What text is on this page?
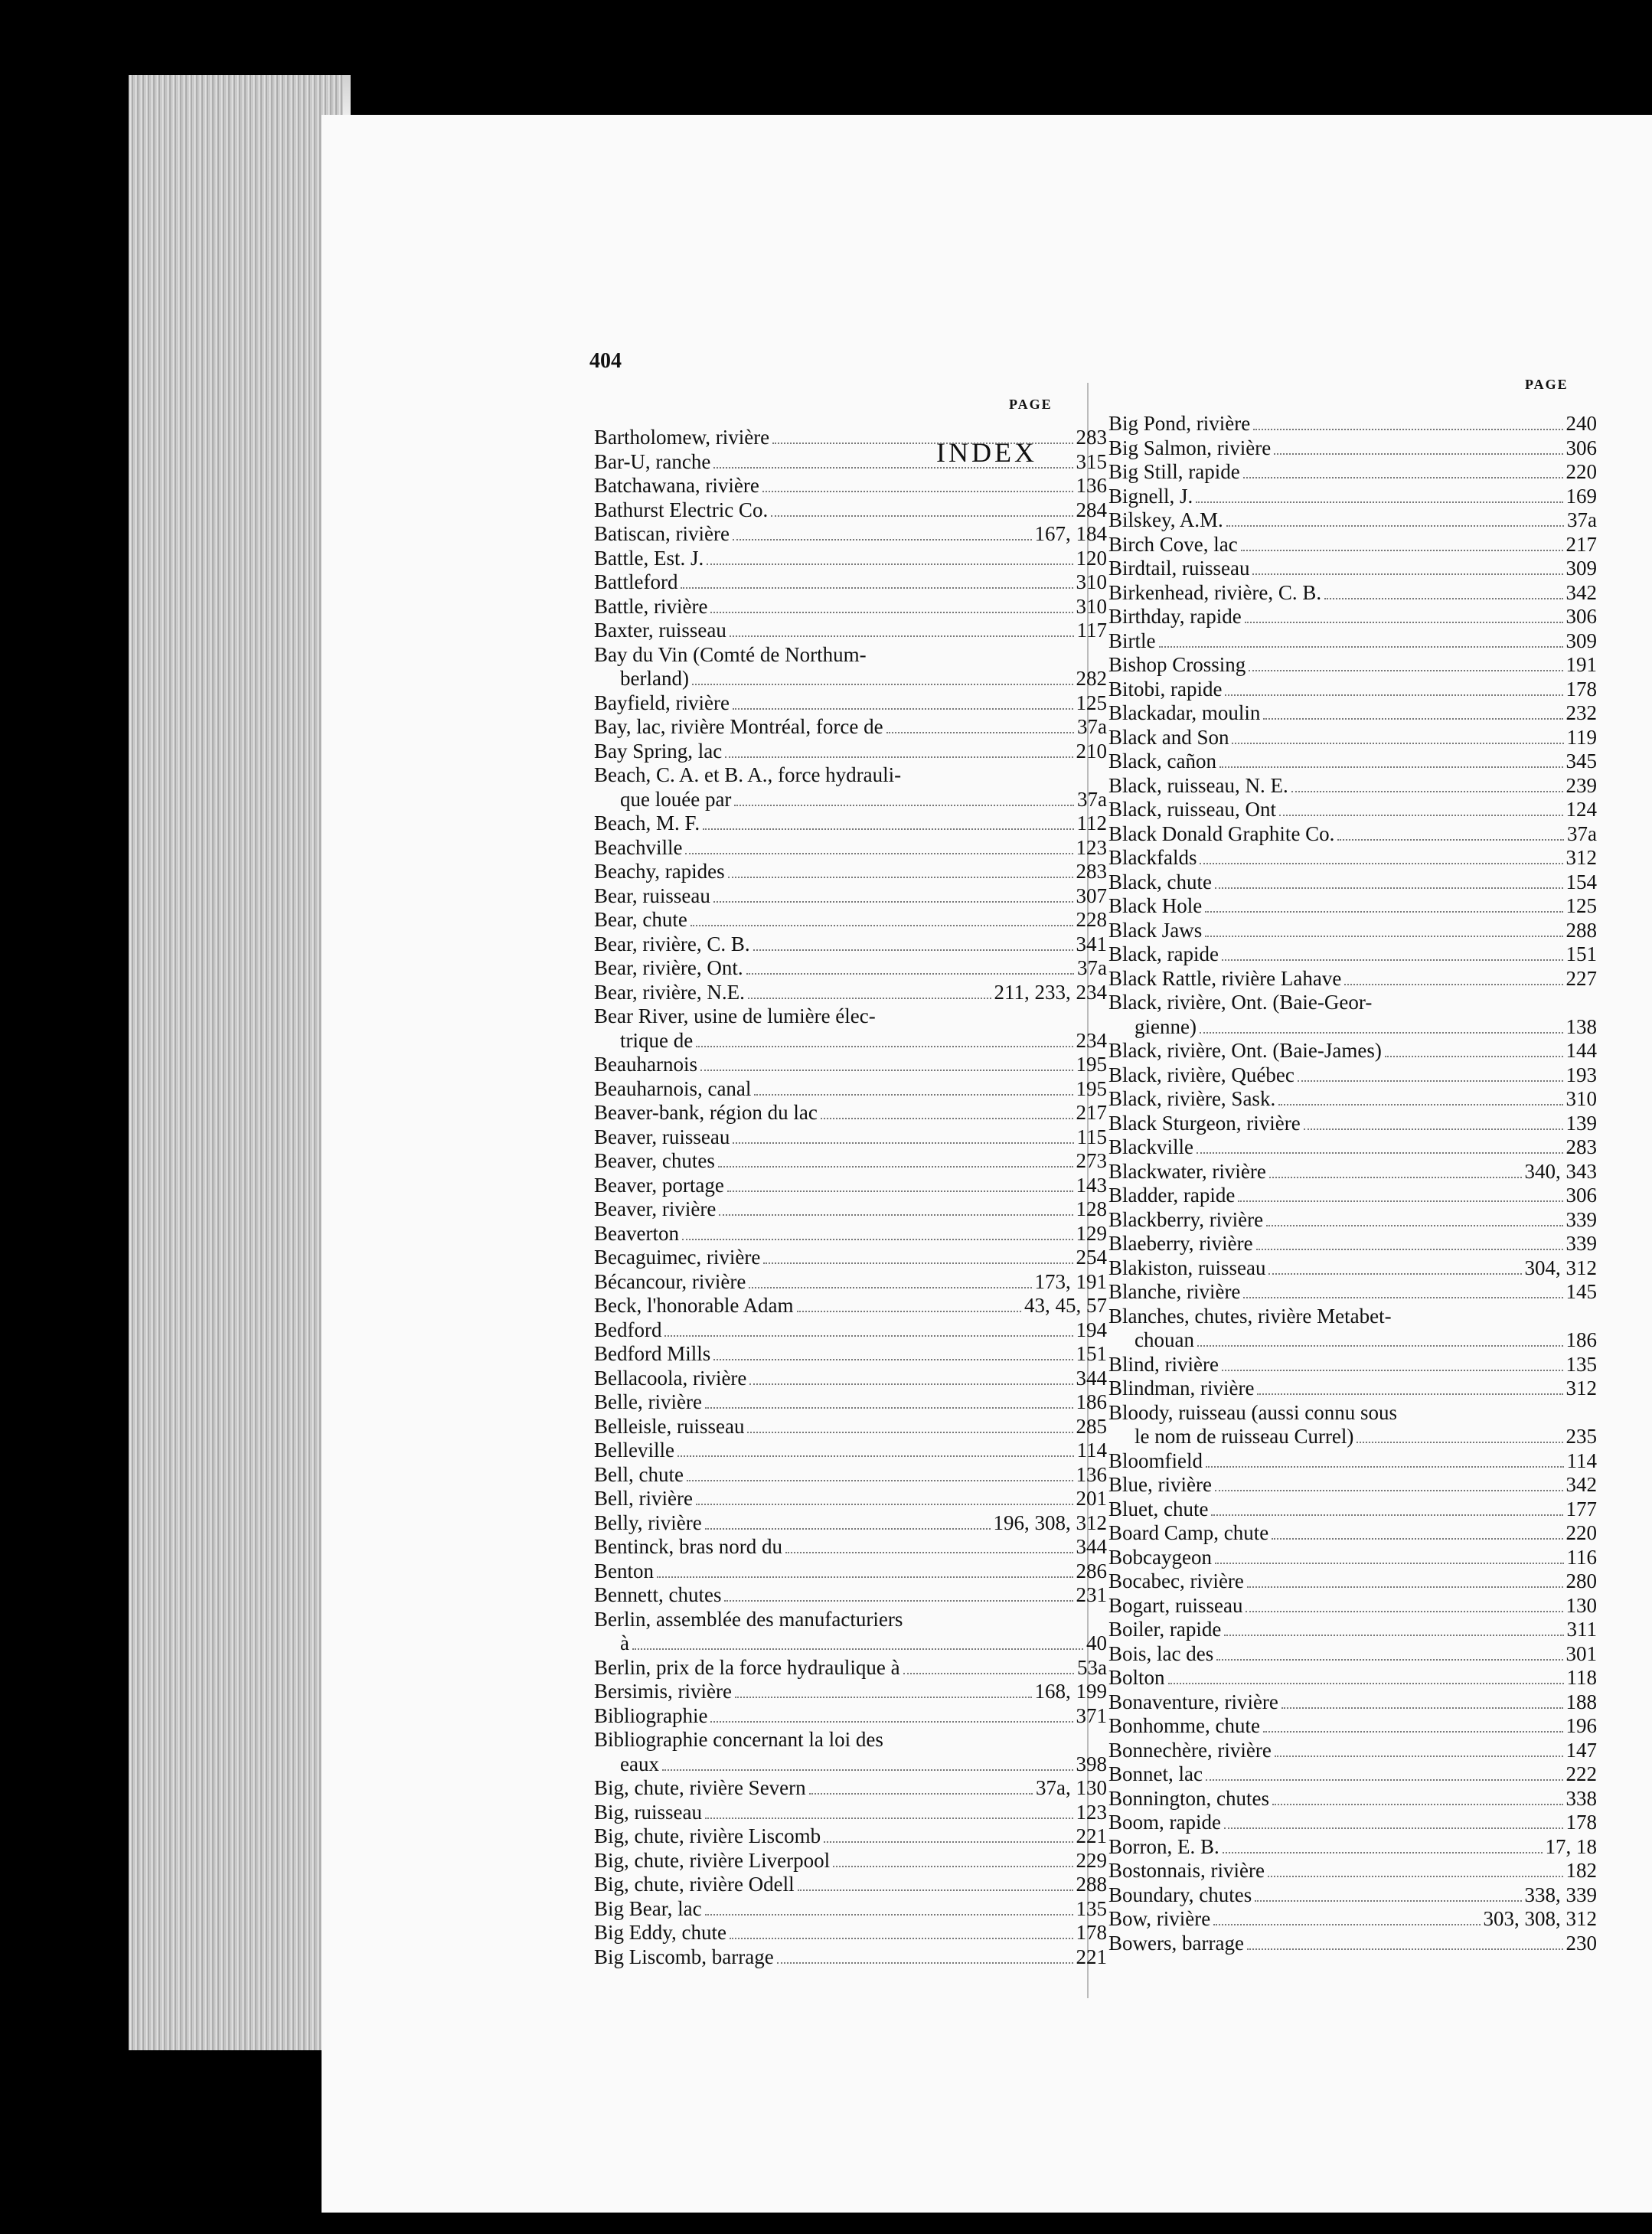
INDEX
404
PAGE
PAGE
Bartholomew, rivière	283
Bar-U, ranche	315
Batchawana, rivière	136
Bathurst Electric Co.	284
Batiscan, rivière	167, 184
Battle, Est. J.	120
Battleford	310
Battle, rivière	310
Baxter, ruisseau	117
Bay du Vin (Comté de Northum-
berland)	282
Bayfield, rivière	125
Bay, lac, rivière Montréal, force de	37a
Bay Spring, lac	210
Beach, C. A. et B. A., force hydrauli-
que louée par	37a
Beach, M. F.	112
Beachville	123
Beachy, rapides	283
Bear, ruisseau	307
Bear, chute	228
Bear, rivière, C. B.	341
Bear, rivière, Ont.	37a
Bear, rivière, N.E.	211, 233, 234
Bear River, usine de lumière élec-
trique de	234
Beauharnois	195
Beauharnois, canal	195
Beaver-bank, région du lac	217
Beaver, ruisseau	115
Beaver, chutes	273
Beaver, portage	143
Beaver, rivière	128
Beaverton	129
Becaguimec, rivière	254
Bécancour, rivière	173, 191
Beck, l'honorable Adam	43, 45, 57
Bedford	194
Bedford Mills	151
Bellacoola, rivière	344
Belle, rivière	186
Belleisle, ruisseau	285
Belleville	114
Bell, chute	136
Bell, rivière	201
Belly, rivière	196, 308, 312
Bentinck, bras nord du	344
Benton	286
Bennett, chutes	231
Berlin, assemblée des manufacturiers
à	40
Berlin, prix de la force hydraulique à	53a
Bersimis, rivière	168, 199
Bibliographie	371
Bibliographie concernant la loi des
eaux	398
Big, chute, rivière Severn	37a, 130
Big, ruisseau	123
Big, chute, rivière Liscomb	221
Big, chute, rivière Liverpool	229
Big, chute, rivière Odell	288
Big Bear, lac	135
Big Eddy, chute	178
Big Liscomb, barrage	221
Big Pond, rivière	240
Big Salmon, rivière	306
Big Still, rapide	220
Bignell, J.	169
Bilskey, A.M.	37a
Birch Cove, lac	217
Birdtail, ruisseau	309
Birkenhead, rivière, C. B.	342
Birthday, rapide	306
Birtle	309
Bishop Crossing	191
Bitobi, rapide	178
Blackadar, moulin	232
Black and Son	119
Black, cañon	345
Black, ruisseau, N. E.	239
Black, ruisseau, Ont	124
Black Donald Graphite Co.	37a
Blackfalds	312
Black, chute	154
Black Hole	125
Black Jaws	288
Black, rapide	151
Black Rattle, rivière Lahave	227
Black, rivière, Ont. (Baie-Geor-
gienne)	138
Black, rivière, Ont. (Baie-James)	144
Black, rivière, Québec	193
Black, rivière, Sask.	310
Black Sturgeon, rivière	139
Blackville	283
Blackwater, rivière	340, 343
Bladder, rapide	306
Blackberry, rivière	339
Blaeberry, rivière	339
Blakiston, ruisseau	304, 312
Blanche, rivière	145
Blanches, chutes, rivière Metabet-
chouan	186
Blind, rivière	135
Blindman, rivière	312
Bloody, ruisseau (aussi connu sous
le nom de ruisseau Currel)	235
Bloomfield	114
Blue, rivière	342
Bluet, chute	177
Board Camp, chute	220
Bobcaygeon	116
Bocabec, rivière	280
Bogart, ruisseau	130
Boiler, rapide	311
Bois, lac des	301
Bolton	118
Bonaventure, rivière	188
Bonhomme, chute	196
Bonnechère, rivière	147
Bonnet, lac	222
Bonnington, chutes	338
Boom, rapide	178
Borron, E. B.	17, 18
Bostonnais, rivière	182
Boundary, chutes	338, 339
Bow, rivière	303, 308, 312
Bowers, barrage	230
